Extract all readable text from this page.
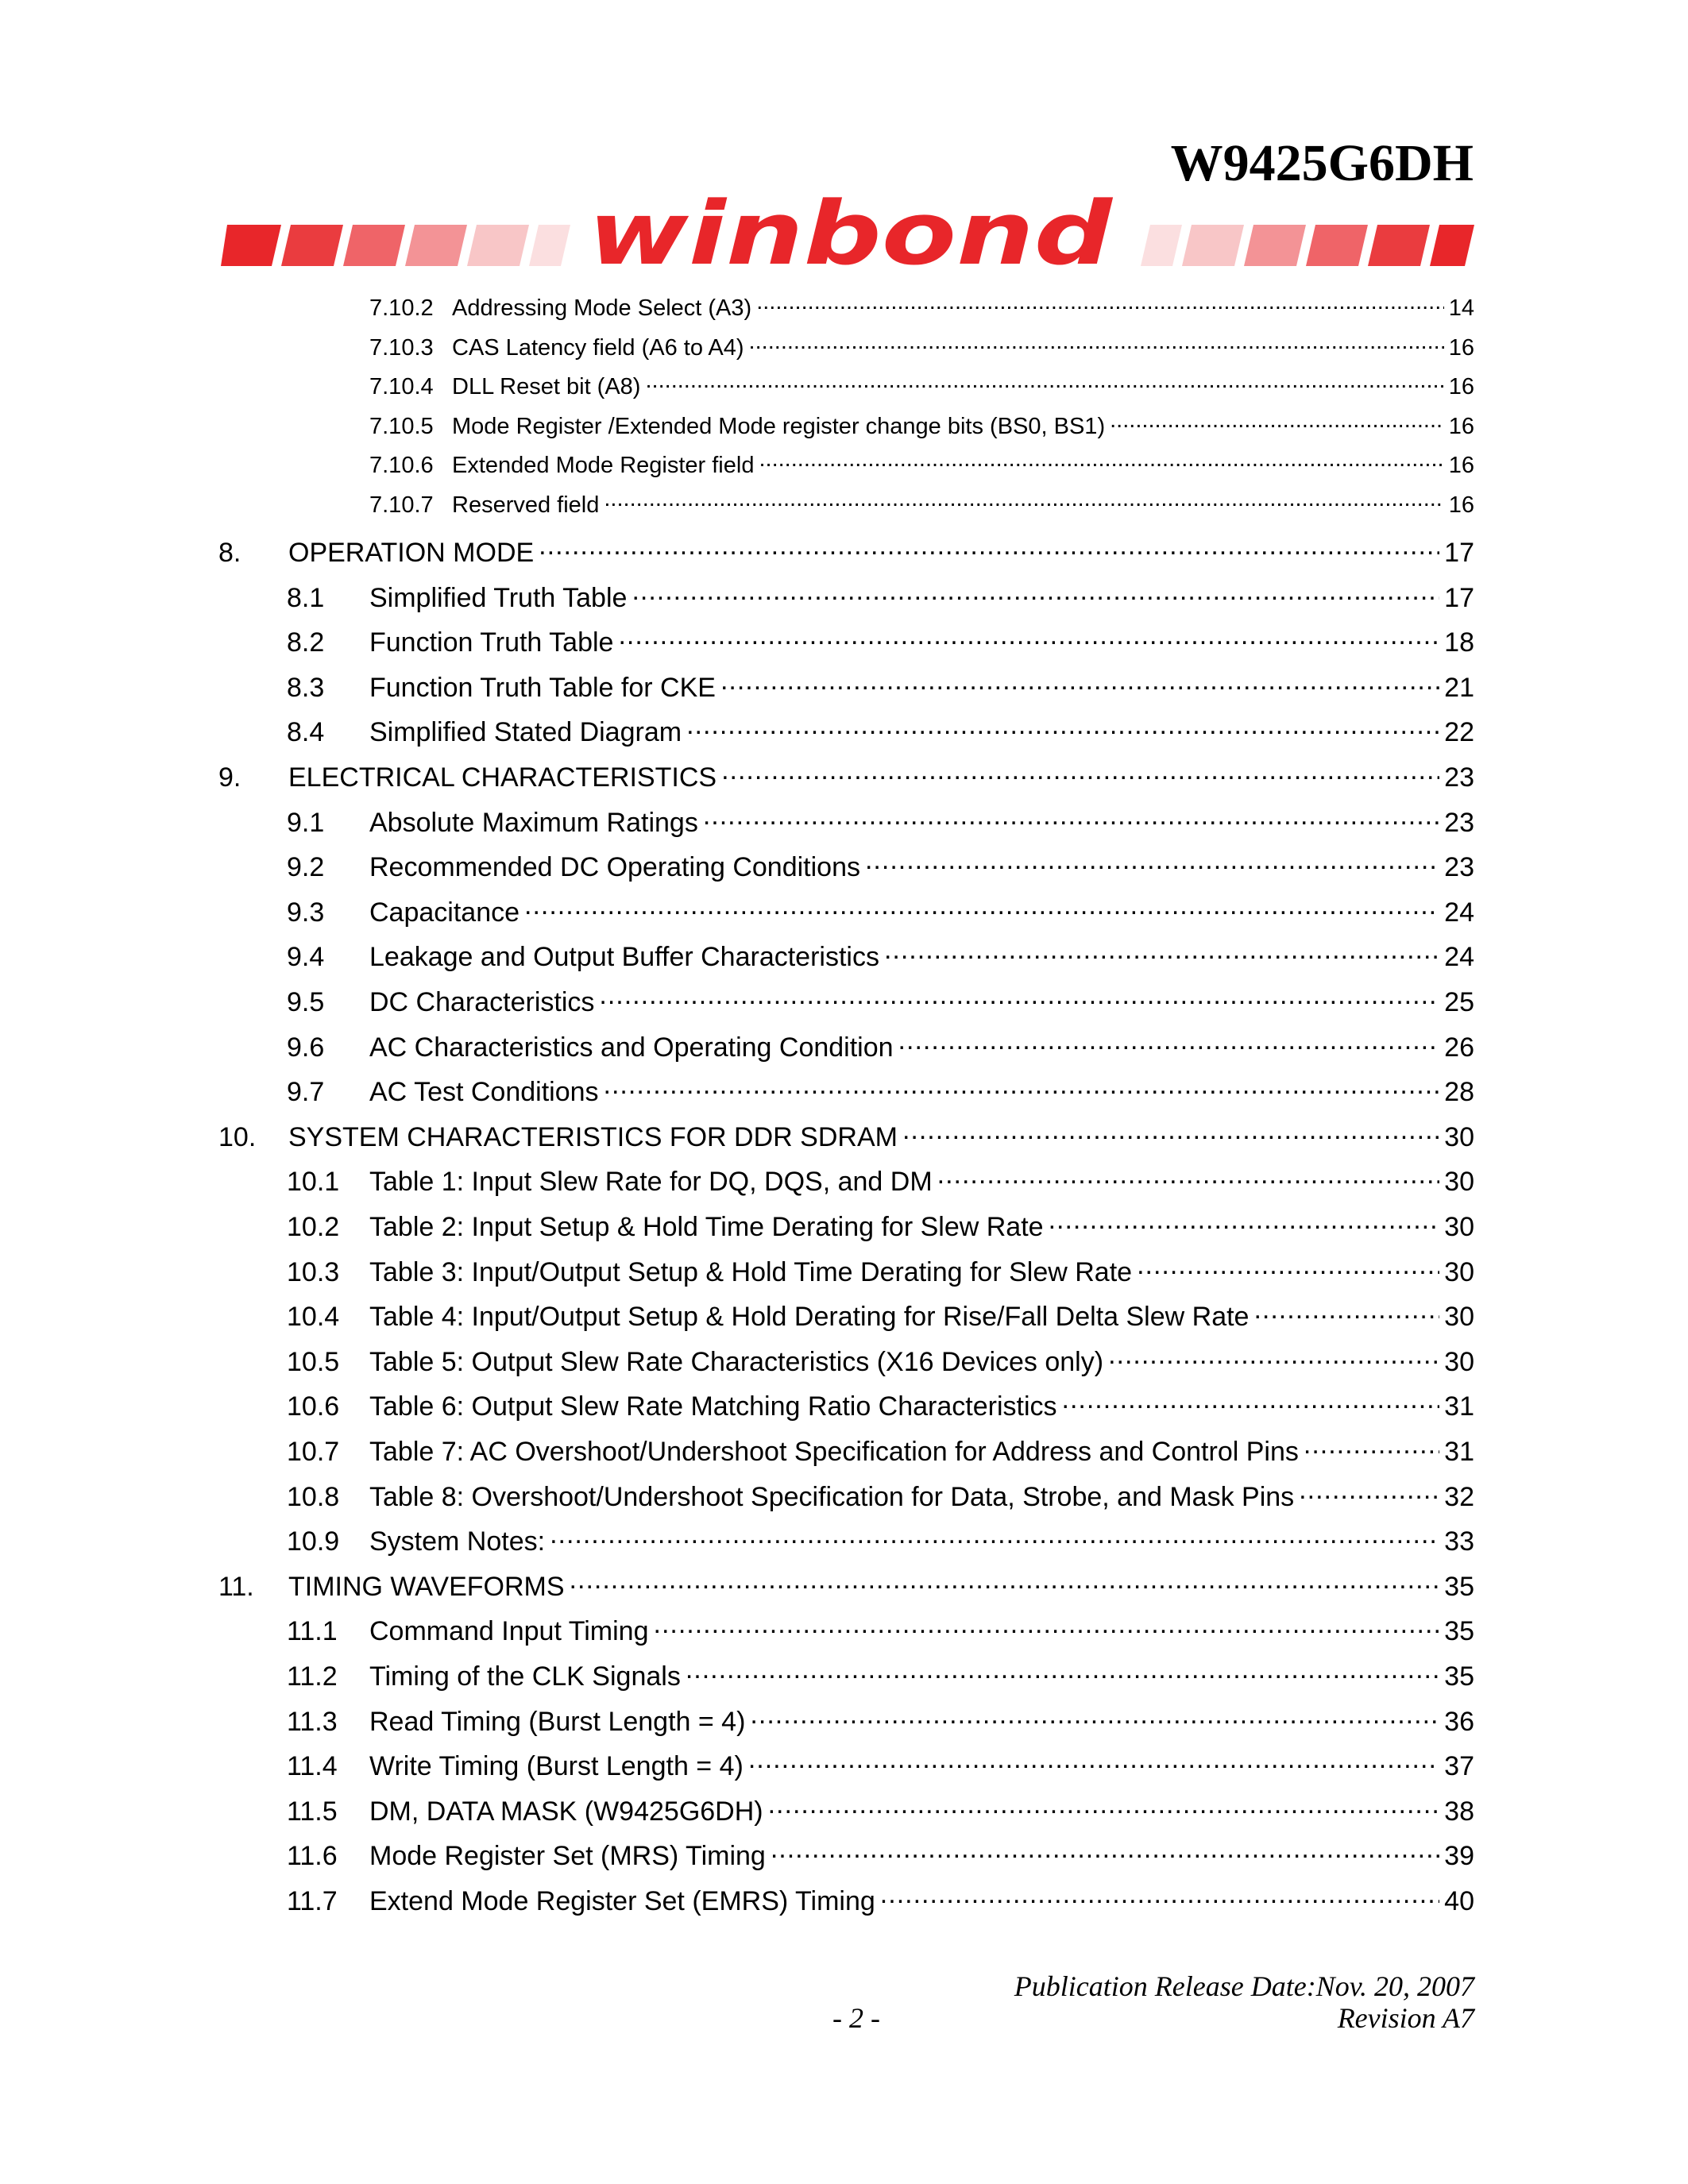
W9425G6DH
winbond
7.10.2 Addressing Mode Select (A3) .....	14
7.10.3 CAS Latency field (A6 to A4) .....	16
7.10.4 DLL Reset bit (A8) .....	16
7.10.5 Mode Register /Extended Mode register change bits (BS0, BS1) .....	16
7.10.6 Extended Mode Register field .....	16
7.10.7 Reserved field .....	16
8.	OPERATION MODE .....	17
8.1	Simplified Truth Table .....	17
8.2	Function Truth Table .....	18
8.3	Function Truth Table for CKE .....	21
8.4	Simplified Stated Diagram .....	22
9.	ELECTRICAL CHARACTERISTICS .....	23
9.1	Absolute Maximum Ratings .....	23
9.2	Recommended DC Operating Conditions .....	23
9.3	Capacitance .....	24
9.4	Leakage and Output Buffer Characteristics .....	24
9.5	DC Characteristics .....	25
9.6	AC Characteristics and Operating Condition .....	26
9.7	AC Test Conditions .....	28
10.	SYSTEM CHARACTERISTICS FOR DDR SDRAM .....	30
10.1	Table 1: Input Slew Rate for DQ, DQS, and DM .....	30
10.2	Table 2: Input Setup & Hold Time Derating for Slew Rate .....	30
10.3	Table 3: Input/Output Setup & Hold Time Derating for Slew Rate .....	30
10.4	Table 4: Input/Output Setup & Hold Derating for Rise/Fall Delta Slew Rate .....	30
10.5	Table 5: Output Slew Rate Characteristics (X16 Devices only) .....	30
10.6	Table 6: Output Slew Rate Matching Ratio Characteristics .....	31
10.7	Table 7: AC Overshoot/Undershoot Specification for Address and Control Pins .....	31
10.8	Table 8: Overshoot/Undershoot Specification for Data, Strobe, and Mask Pins .....	32
10.9	System Notes: .....	33
11.	TIMING WAVEFORMS .....	35
11.1	Command Input Timing .....	35
11.2	Timing of the CLK Signals .....	35
11.3	Read Timing (Burst Length = 4) .....	36
11.4	Write Timing (Burst Length = 4) .....	37
11.5	DM, DATA MASK (W9425G6DH) .....	38
11.6	Mode Register Set (MRS) Timing .....	39
11.7	Extend Mode Register Set (EMRS) Timing .....	40
Publication Release Date:Nov. 20, 2007
- 2 -	Revision A7
